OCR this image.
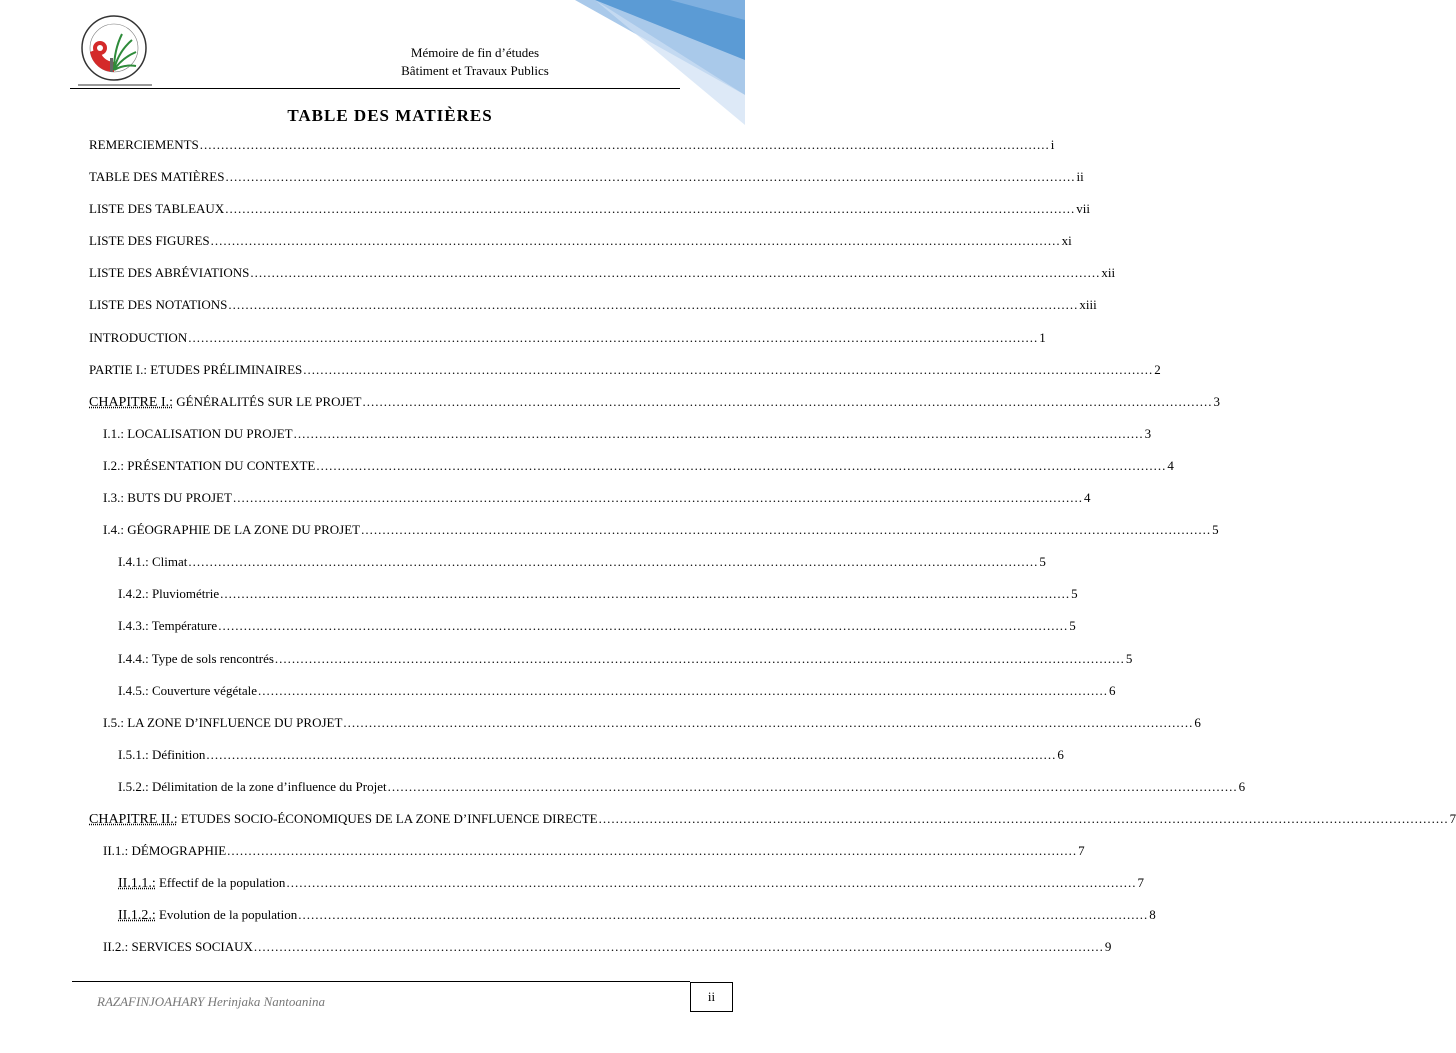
Mémoire de fin d’études
Bâtiment et Travaux Publics
TABLE DES MATIÈRES
REMERCIEMENTS ........................................................................................................................................................................................................ i
TABLE DES MATIÈRES ........................................................................................................................................................................................................ ii
LISTE DES TABLEAUX ........................................................................................................................................................................................................ vii
LISTE DES FIGURES ........................................................................................................................................................................................................ xi
LISTE DES ABRÉVIATIONS ........................................................................................................................................................................................................ xii
LISTE DES NOTATIONS ........................................................................................................................................................................................................ xiii
INTRODUCTION ........................................................................................................................................................................................................ 1
PARTIE I.: ETUDES PRÉLIMINAIRES ........................................................................................................................................................................................................ 2
CHAPITRE I.: GÉNÉRALITÉS SUR LE PROJET ........................................................................................................................................................................................................ 3
I.1.: LOCALISATION DU PROJET ........................................................................................................................................................................................................ 3
I.2.: PRÉSENTATION DU CONTEXTE ........................................................................................................................................................................................................ 4
I.3.: BUTS DU PROJET ........................................................................................................................................................................................................ 4
I.4.: GÉOGRAPHIE DE LA ZONE DU PROJET ........................................................................................................................................................................................................ 5
I.4.1.: Climat ........................................................................................................................................................................................................ 5
I.4.2.: Pluviométrie ........................................................................................................................................................................................................ 5
I.4.3.: Température ........................................................................................................................................................................................................ 5
I.4.4.: Type de sols rencontrés ........................................................................................................................................................................................................ 5
I.4.5.: Couverture végétale ........................................................................................................................................................................................................ 6
I.5.: LA ZONE D’INFLUENCE DU PROJET ........................................................................................................................................................................................................ 6
I.5.1.: Définition ........................................................................................................................................................................................................ 6
I.5.2.: Délimitation de la zone d’influence du Projet ........................................................................................................................................................................................................ 6
CHAPITRE II.: ETUDES SOCIO-ÉCONOMIQUES DE LA ZONE D’INFLUENCE DIRECTE ........................................................................................................................................................................................................ 7
II.1.: DÉMOGRAPHIE ........................................................................................................................................................................................................ 7
II.1.1.: Effectif de la population ........................................................................................................................................................................................................ 7
II.1.2.: Evolution de la population ........................................................................................................................................................................................................ 8
II.2.: SERVICES SOCIAUX ........................................................................................................................................................................................................ 9
RAZAFINJOAHARY Herinjaka Nantoanina	ii
